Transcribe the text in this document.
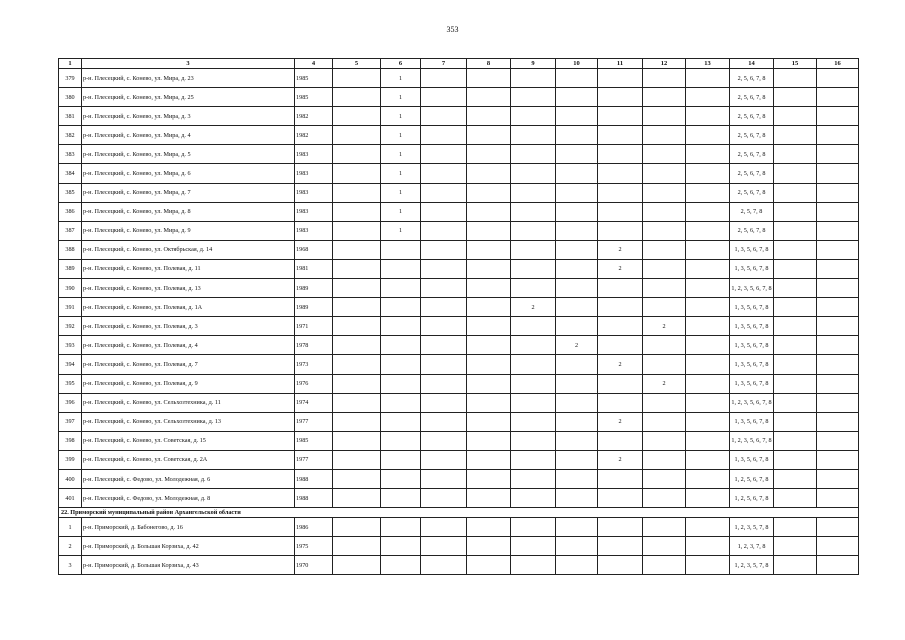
353
1	3	4	5	6	7	8	9	10	11	12	13	14	15	16
379	р-н. Плесецкий, с. Конево, ул. Мира, д. 23	1985		1								2, 5, 6, 7, 8		
380	р-н. Плесецкий, с. Конево, ул. Мира, д. 25	1985		1								2, 5, 6, 7, 8		
381	р-н. Плесецкий, с. Конево, ул. Мира, д. 3	1982		1								2, 5, 6, 7, 8		
382	р-н. Плесецкий, с. Конево, ул. Мира, д. 4	1982		1								2, 5, 6, 7, 8		
383	р-н. Плесецкий, с. Конево, ул. Мира, д. 5	1983		1								2, 5, 6, 7, 8		
384	р-н. Плесецкий, с. Конево, ул. Мира, д. 6	1983		1								2, 5, 6, 7, 8		
385	р-н. Плесецкий, с. Конево, ул. Мира, д. 7	1983		1								2, 5, 6, 7, 8		
386	р-н. Плесецкий, с. Конево, ул. Мира, д. 8	1983		1								2, 5, 7, 8		
387	р-н. Плесецкий, с. Конево, ул. Мира, д. 9	1983		1								2, 5, 6, 7, 8		
388	р-н. Плесецкий, с. Конево, ул. Октябрьская, д. 14	1968							2			1, 3, 5, 6, 7, 8		
389	р-н. Плесецкий, с. Конево, ул. Полевая, д. 11	1981							2			1, 3, 5, 6, 7, 8		
390	р-н. Плесецкий, с. Конево, ул. Полевая, д. 13	1989										1, 2, 3, 5, 6, 7, 8		
391	р-н. Плесецкий, с. Конево, ул. Полевая, д. 1А	1989					2					1, 3, 5, 6, 7, 8		
392	р-н. Плесецкий, с. Конево, ул. Полевая, д. 3	1971								2		1, 3, 5, 6, 7, 8		
393	р-н. Плесецкий, с. Конево, ул. Полевая, д. 4	1978						2				1, 3, 5, 6, 7, 8		
394	р-н. Плесецкий, с. Конево, ул. Полевая, д. 7	1973							2			1, 3, 5, 6, 7, 8		
395	р-н. Плесецкий, с. Конево, ул. Полевая, д. 9	1976								2		1, 3, 5, 6, 7, 8		
396	р-н. Плесецкий, с. Конево, ул. Сельхозтехника, д. 11	1974										1, 2, 3, 5, 6, 7, 8		
397	р-н. Плесецкий, с. Конево, ул. Сельхозтехника, д. 13	1977							2			1, 3, 5, 6, 7, 8		
398	р-н. Плесецкий, с. Конево, ул. Советская, д. 15	1985										1, 2, 3, 5, 6, 7, 8		
399	р-н. Плесецкий, с. Конево, ул. Советская, д. 2А	1977							2			1, 3, 5, 6, 7, 8		
400	р-н. Плесецкий, с. Федово, ул. Молодежная, д. 6	1988										1, 2, 5, 6, 7, 8		
401	р-н. Плесецкий, с. Федово, ул. Молодежная, д. 8	1988										1, 2, 5, 6, 7, 8		
22. Приморский муниципальный район Архангельской области														
1	р-н. Приморский, д. Бабонегово, д. 16	1986										1, 2, 3, 5, 7, 8		
2	р-н. Приморский, д. Большая Корзиха, д. 42	1975										1, 2, 3, 7, 8		
3	р-н. Приморский, д. Большая Корзиха, д. 43	1970										1, 2, 3, 5, 7, 8		
